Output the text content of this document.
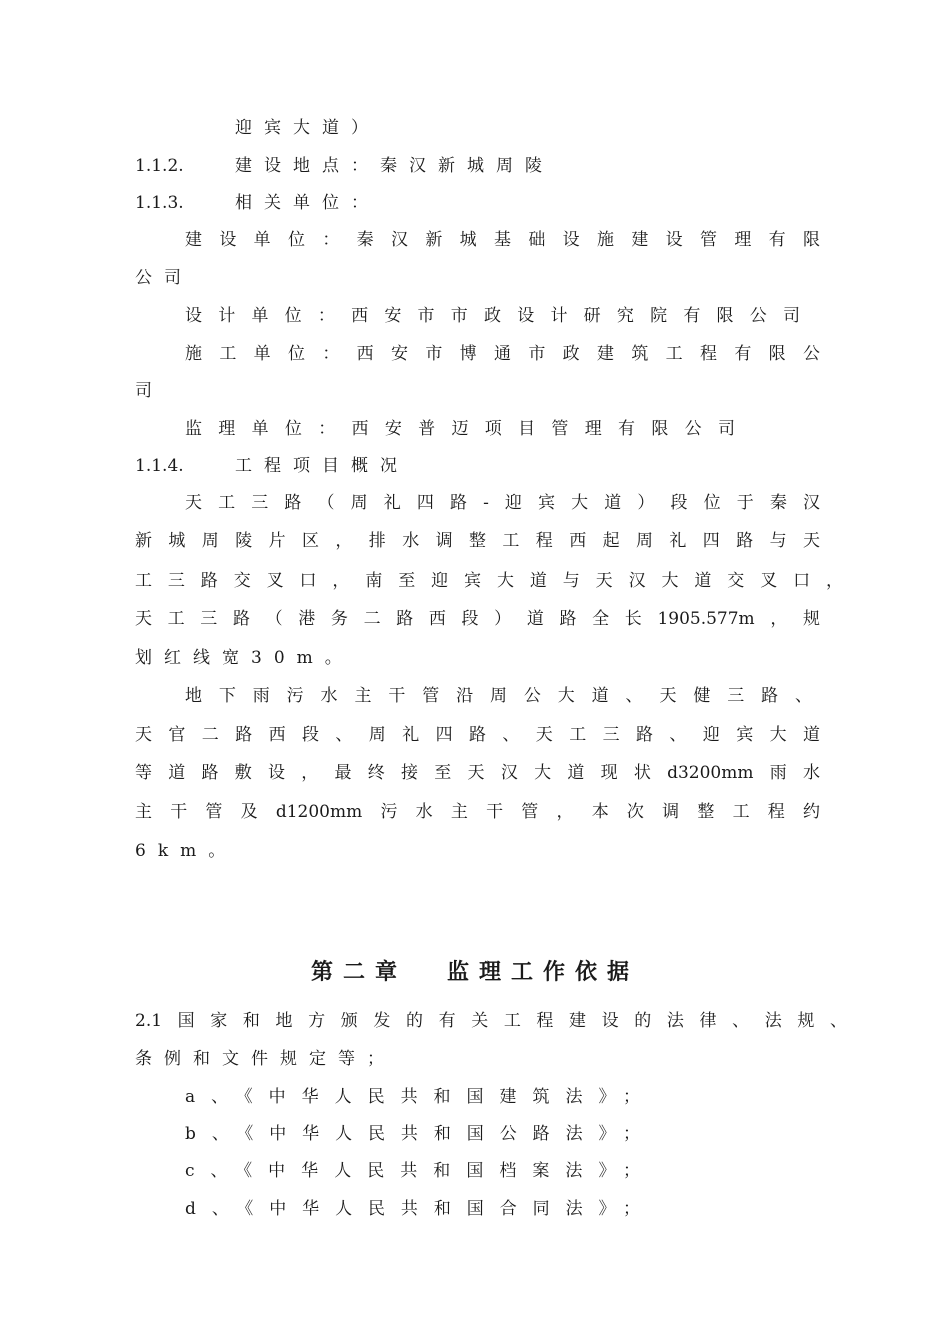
迎宾大道）
1.1.2.	建设地点：秦汉新城周陵
1.1.3.	相关单位：
建设单位：秦汉新城基础设施建设管理有限
公司
设计单位：西安市市政设计研究院有限公司
施工单位：西安市博通市政建筑工程有限公
司
监理单位：西安普迈项目管理有限公司
1.1.4.	工程项目概况
天工三路（周礼四路-迎宾大道）段位于秦汉
新城周陵片区，排水调整工程西起周礼四路与天
工三路交叉口，南至迎宾大道与天汉大道交叉口，
天工三路（港务二路西段）道路全长1905.577m，规
划红线宽30m。
地下雨污水主干管沿周公大道、天健三路、
天官二路西段、周礼四路、天工三路、迎宾大道
等道路敷设，最终接至天汉大道现状d3200mm雨水
主干管及d1200mm污水主干管，本次调整工程约
6km。
第二章 监理工作依据
2.1国家和地方颁发的有关工程建设的法律、法规、
条例和文件规定等；
a、《中华人民共和国建筑法》；
b、《中华人民共和国公路法》；
c、《中华人民共和国档案法》；
d、《中华人民共和国合同法》；
